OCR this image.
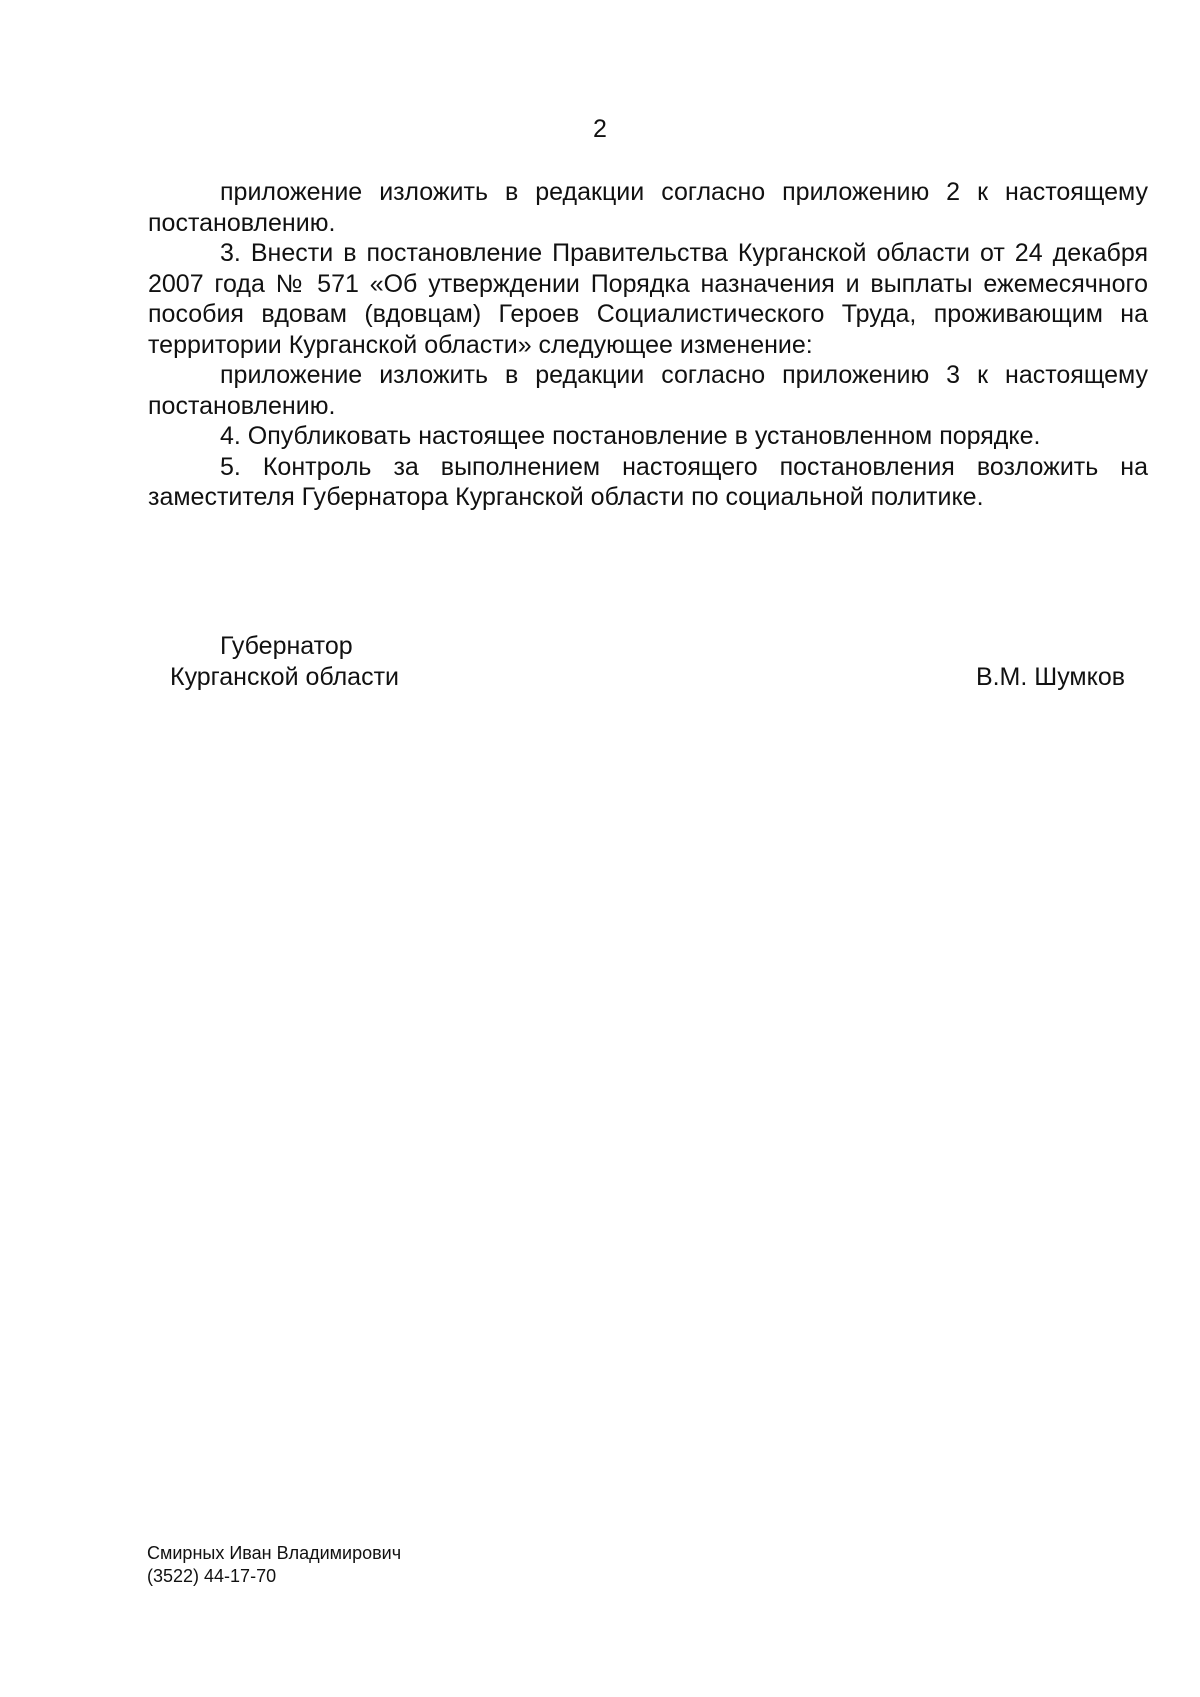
2

приложение изложить в редакции согласно приложению 2 к настоящему постановлению.

3. Внести в постановление Правительства Курганской области от 24 декабря 2007 года № 571 «Об утверждении Порядка назначения и выплаты ежемесячного пособия вдовам (вдовцам) Героев Социалистического Труда, проживающим на территории Курганской области» следующее изменение:

приложение изложить в редакции согласно приложению 3 к настоящему постановлению.

4. Опубликовать настоящее постановление в установленном порядке.

5. Контроль за выполнением настоящего постановления возложить на заместителя Губернатора Курганской области по социальной политике.

Губернатор
Курганской области	В.М. Шумков
Смирных Иван Владимирович
(3522) 44-17-70
